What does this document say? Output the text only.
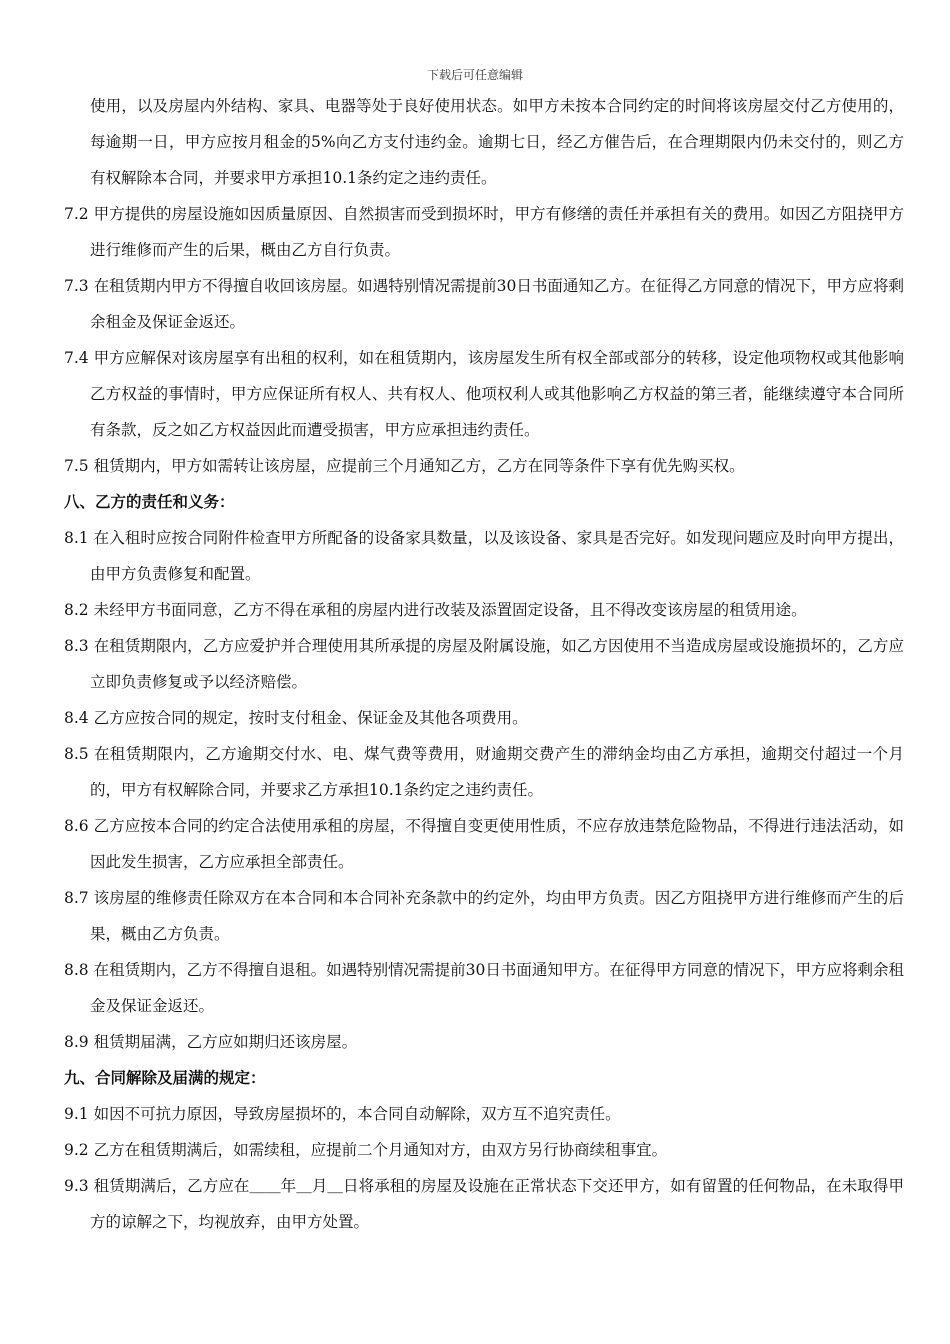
下载后可任意编辑

使用，以及房屋内外结构、家具、电器等处于良好使用状态。如甲方未按本合同约定的时间将该房屋交付乙方使用的，每逾期一日，甲方应按月租金的5%向乙方支付违约金。逾期七日，经乙方催告后，在合理期限内仍未交付的，则乙方有权解除本合同，并要求甲方承担10.1条约定之违约责任。

7.2 甲方提供的房屋设施如因质量原因、自然损害而受到损坏时，甲方有修缮的责任并承担有关的费用。如因乙方阻挠甲方进行维修而产生的后果，概由乙方自行负责。

7.3 在租赁期内甲方不得擅自收回该房屋。如遇特别情况需提前30日书面通知乙方。在征得乙方同意的情况下，甲方应将剩余租金及保证金返还。

7.4 甲方应解保对该房屋享有出租的权利，如在租赁期内，该房屋发生所有权全部或部分的转移，设定他项物权或其他影响乙方权益的事情时，甲方应保证所有权人、共有权人、他项权利人或其他影响乙方权益的第三者，能继续遵守本合同所有条款，反之如乙方权益因此而遭受损害，甲方应承担违约责任。

7.5 租赁期内，甲方如需转让该房屋，应提前三个月通知乙方，乙方在同等条件下享有优先购买权。

八、乙方的责任和义务：

8.1 在入租时应按合同附件检查甲方所配备的设备家具数量，以及该设备、家具是否完好。如发现问题应及时向甲方提出，由甲方负责修复和配置。

8.2 未经甲方书面同意，乙方不得在承租的房屋内进行改装及添置固定设备，且不得改变该房屋的租赁用途。

8.3 在租赁期限内，乙方应爱护并合理使用其所承提的房屋及附属设施，如乙方因使用不当造成房屋或设施损坏的，乙方应立即负责修复或予以经济赔偿。

8.4 乙方应按合同的规定，按时支付租金、保证金及其他各项费用。

8.5 在租赁期限内，乙方逾期交付水、电、煤气费等费用，财逾期交费产生的滞纳金均由乙方承担，逾期交付超过一个月的，甲方有权解除合同，并要求乙方承担10.1条约定之违约责任。

8.6 乙方应按本合同的约定合法使用承租的房屋，不得擅自变更使用性质，不应存放违禁危险物品，不得进行违法活动，如因此发生损害，乙方应承担全部责任。

8.7 该房屋的维修责任除双方在本合同和本合同补充条款中的约定外，均由甲方负责。因乙方阻挠甲方进行维修而产生的后果，概由乙方负责。

8.8 在租赁期内，乙方不得擅自退租。如遇特别情况需提前30日书面通知甲方。在征得甲方同意的情况下，甲方应将剩余租金及保证金返还。

8.9 租赁期届满，乙方应如期归还该房屋。

九、合同解除及届满的规定：

9.1 如因不可抗力原因，导致房屋损坏的，本合同自动解除，双方互不追究责任。

9.2 乙方在租赁期满后，如需续租，应提前二个月通知对方，由双方另行协商续租事宜。

9.3 租赁期满后，乙方应在＿＿年＿月＿日将承租的房屋及设施在正常状态下交还甲方，如有留置的任何物品，在未取得甲方的谅解之下，均视放弃，由甲方处置。
